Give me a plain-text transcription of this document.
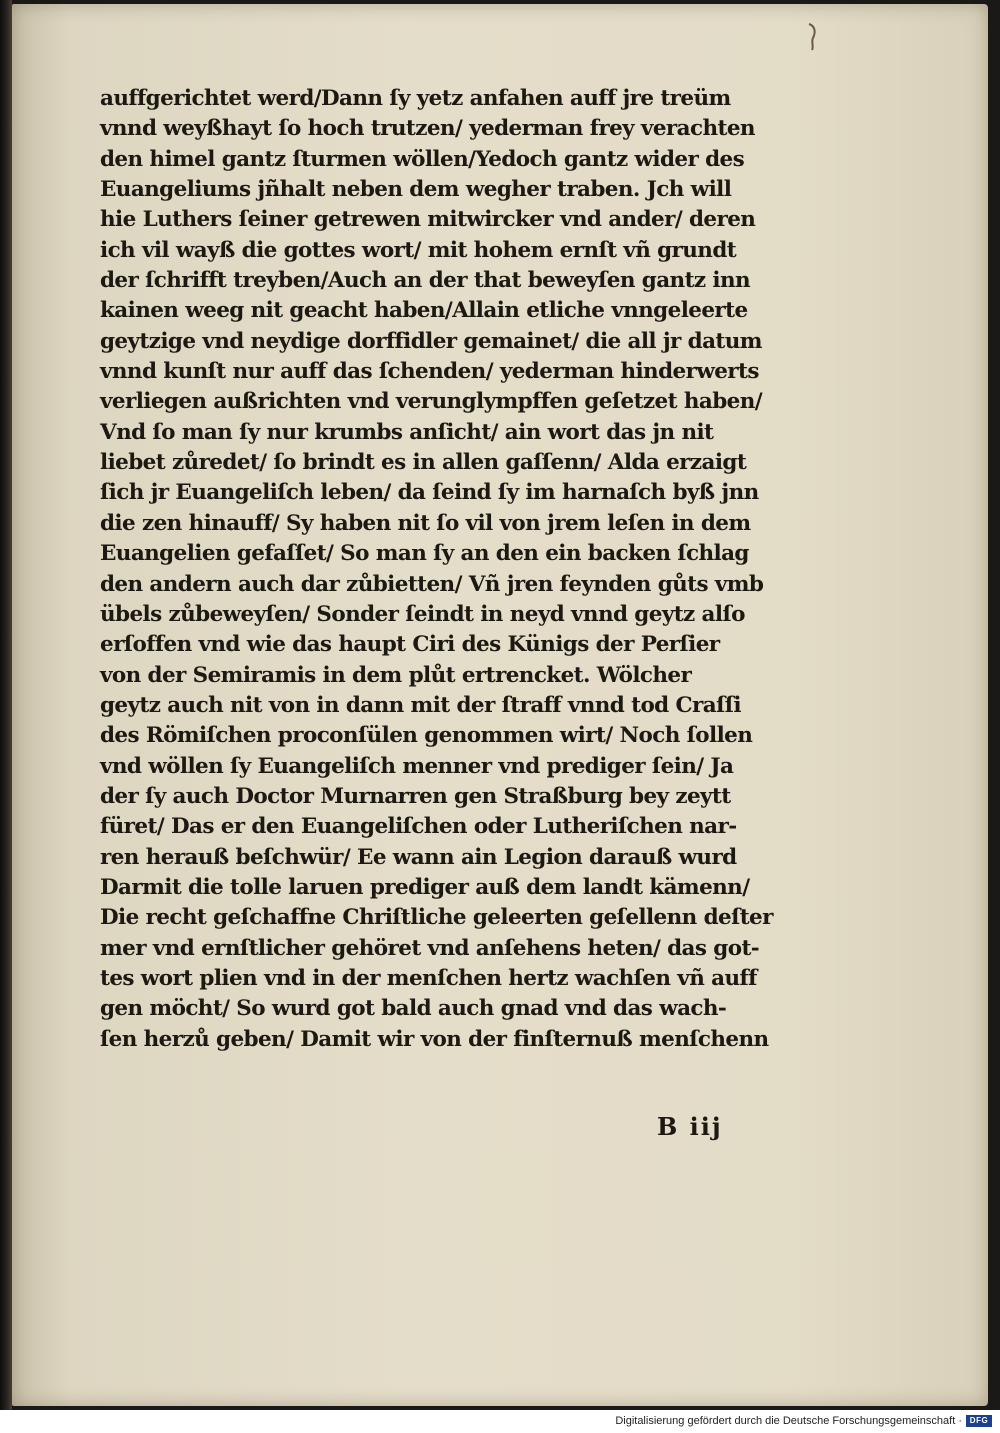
auffgerichtet werd/Dann ſy yetz anfahen auff jre treüm
vnnd weyßhayt ſo hoch trutzen/ yederman frey verachten
den himel gantz ſturmen wöllen/Yedoch gantz wider des
Euangeliums jñhalt neben dem wegher traben. Jch will
hie Luthers ſeiner getrewen mitwircker vnd ander/ deren
ich vil wayß die gottes wort/ mit hohem ernſt vñ grundt
der ſchrifft treyben/Auch an der that beweyſen gantz inn
kainen weeg nit geacht haben/Allain etliche vnngeleerte
geytzige vnd neydige dorffidler gemainet/ die all jr datum
vnnd kunſt nur auff das ſchenden/ yederman hinderwerts
verliegen außrichten vnd verunglympffen geſetzet haben/
Vnd ſo man ſy nur krumbs anſicht/ ain wort das jn nit
liebet zůredet/ ſo brindt es in allen gaſſenn/ Alda erzaigt
ſich jr Euangeliſch leben/ da ſeind ſy im harnaſch byß jnn
die zen hinauff/ Sy haben nit ſo vil von jrem leſen in dem
Euangelien gefaſſet/ So man ſy an den ein backen ſchlag
den andern auch dar zůbietten/ Vñ jren feynden gůts vmb
übels zůbeweyſen/ Sonder ſeindt in neyd vnnd geytz alſo
erſoffen vnd wie das haupt Ciri des Künigs der Perſier
von der Semiramis in dem plůt ertrencket. Wölcher
geytz auch nit von in dann mit der ſtraff vnnd tod Craſſi
des Römiſchen proconſülen genommen wirt/ Noch ſollen
vnd wöllen ſy Euangeliſch menner vnd prediger ſein/ Ja
der ſy auch Doctor Murnarren gen Straßburg bey zeytt
füret/ Das er den Euangeliſchen oder Lutheriſchen nar-
ren herauß beſchwür/ Ee wann ain Legion darauß wurd
Darmit die tolle laruen prediger auß dem landt kämenn/
Die recht geſchaffne Chriſtliche geleerten geſellenn deſter
mer vnd ernſtlicher gehöret vnd anſehens heten/ das got-
tes wort plien vnd in der menſchen hertz wachſen vñ auff
gen möcht/ So wurd got bald auch gnad vnd das wach-
ſen herzů geben/ Damit wir von der finſternuß menſchenn
B iij
Digitalisierung gefördert durch die Deutsche Forschungsgemeinschaft · DFG
